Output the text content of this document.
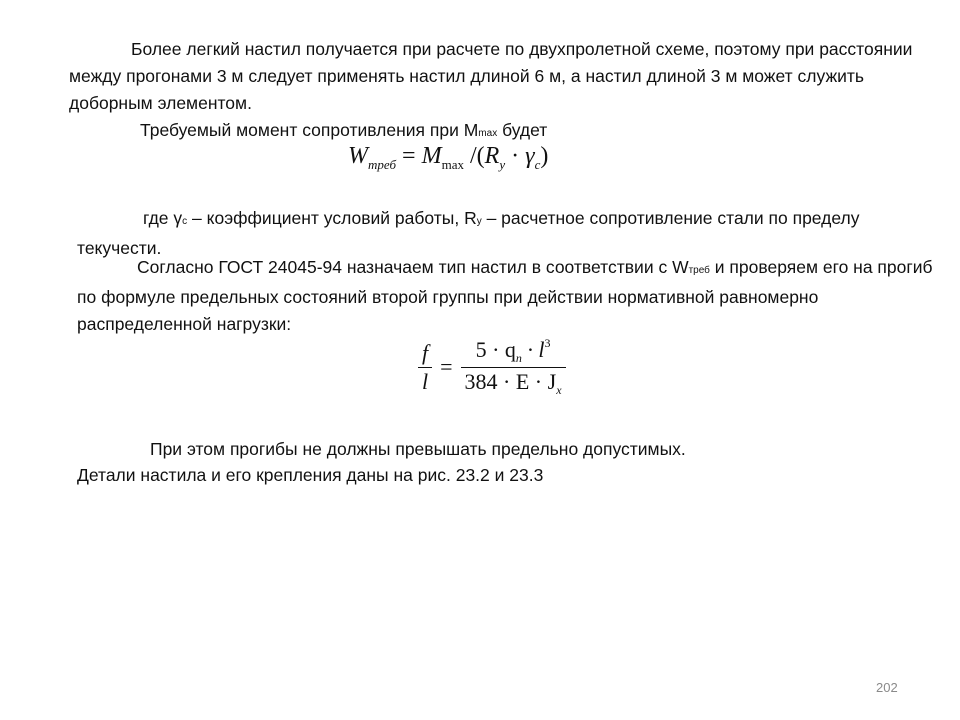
Более легкий настил получается при расчете по двухпролетной схеме, поэтому при расстоянии между прогонами 3 м следует применять настил длиной 6 м, а настил длиной 3 м может служить доборным элементом.

Требуемый момент сопротивления при Mmax будет

$W_{треб} = M_{max}$ $/(R_y \cdot \gamma_c)$

где γc – коэффициент условий работы, Ry – расчетное сопротивление стали по пределу текучести.

Согласно ГОСТ 24045-94 назначаем тип настил в соответствии с Wтреб и проверяем его на прогиб по формуле предельных состояний второй группы при действии нормативной равномерно распределенной нагрузки:

$\frac{f}{l} = \frac{5 \cdot q_n \cdot l^3}{384 \cdot E \cdot J_x}$

При этом прогибы не должны превышать предельно допустимых.

Детали настила и его крепления даны на рис. 23.2 и 23.3

202
